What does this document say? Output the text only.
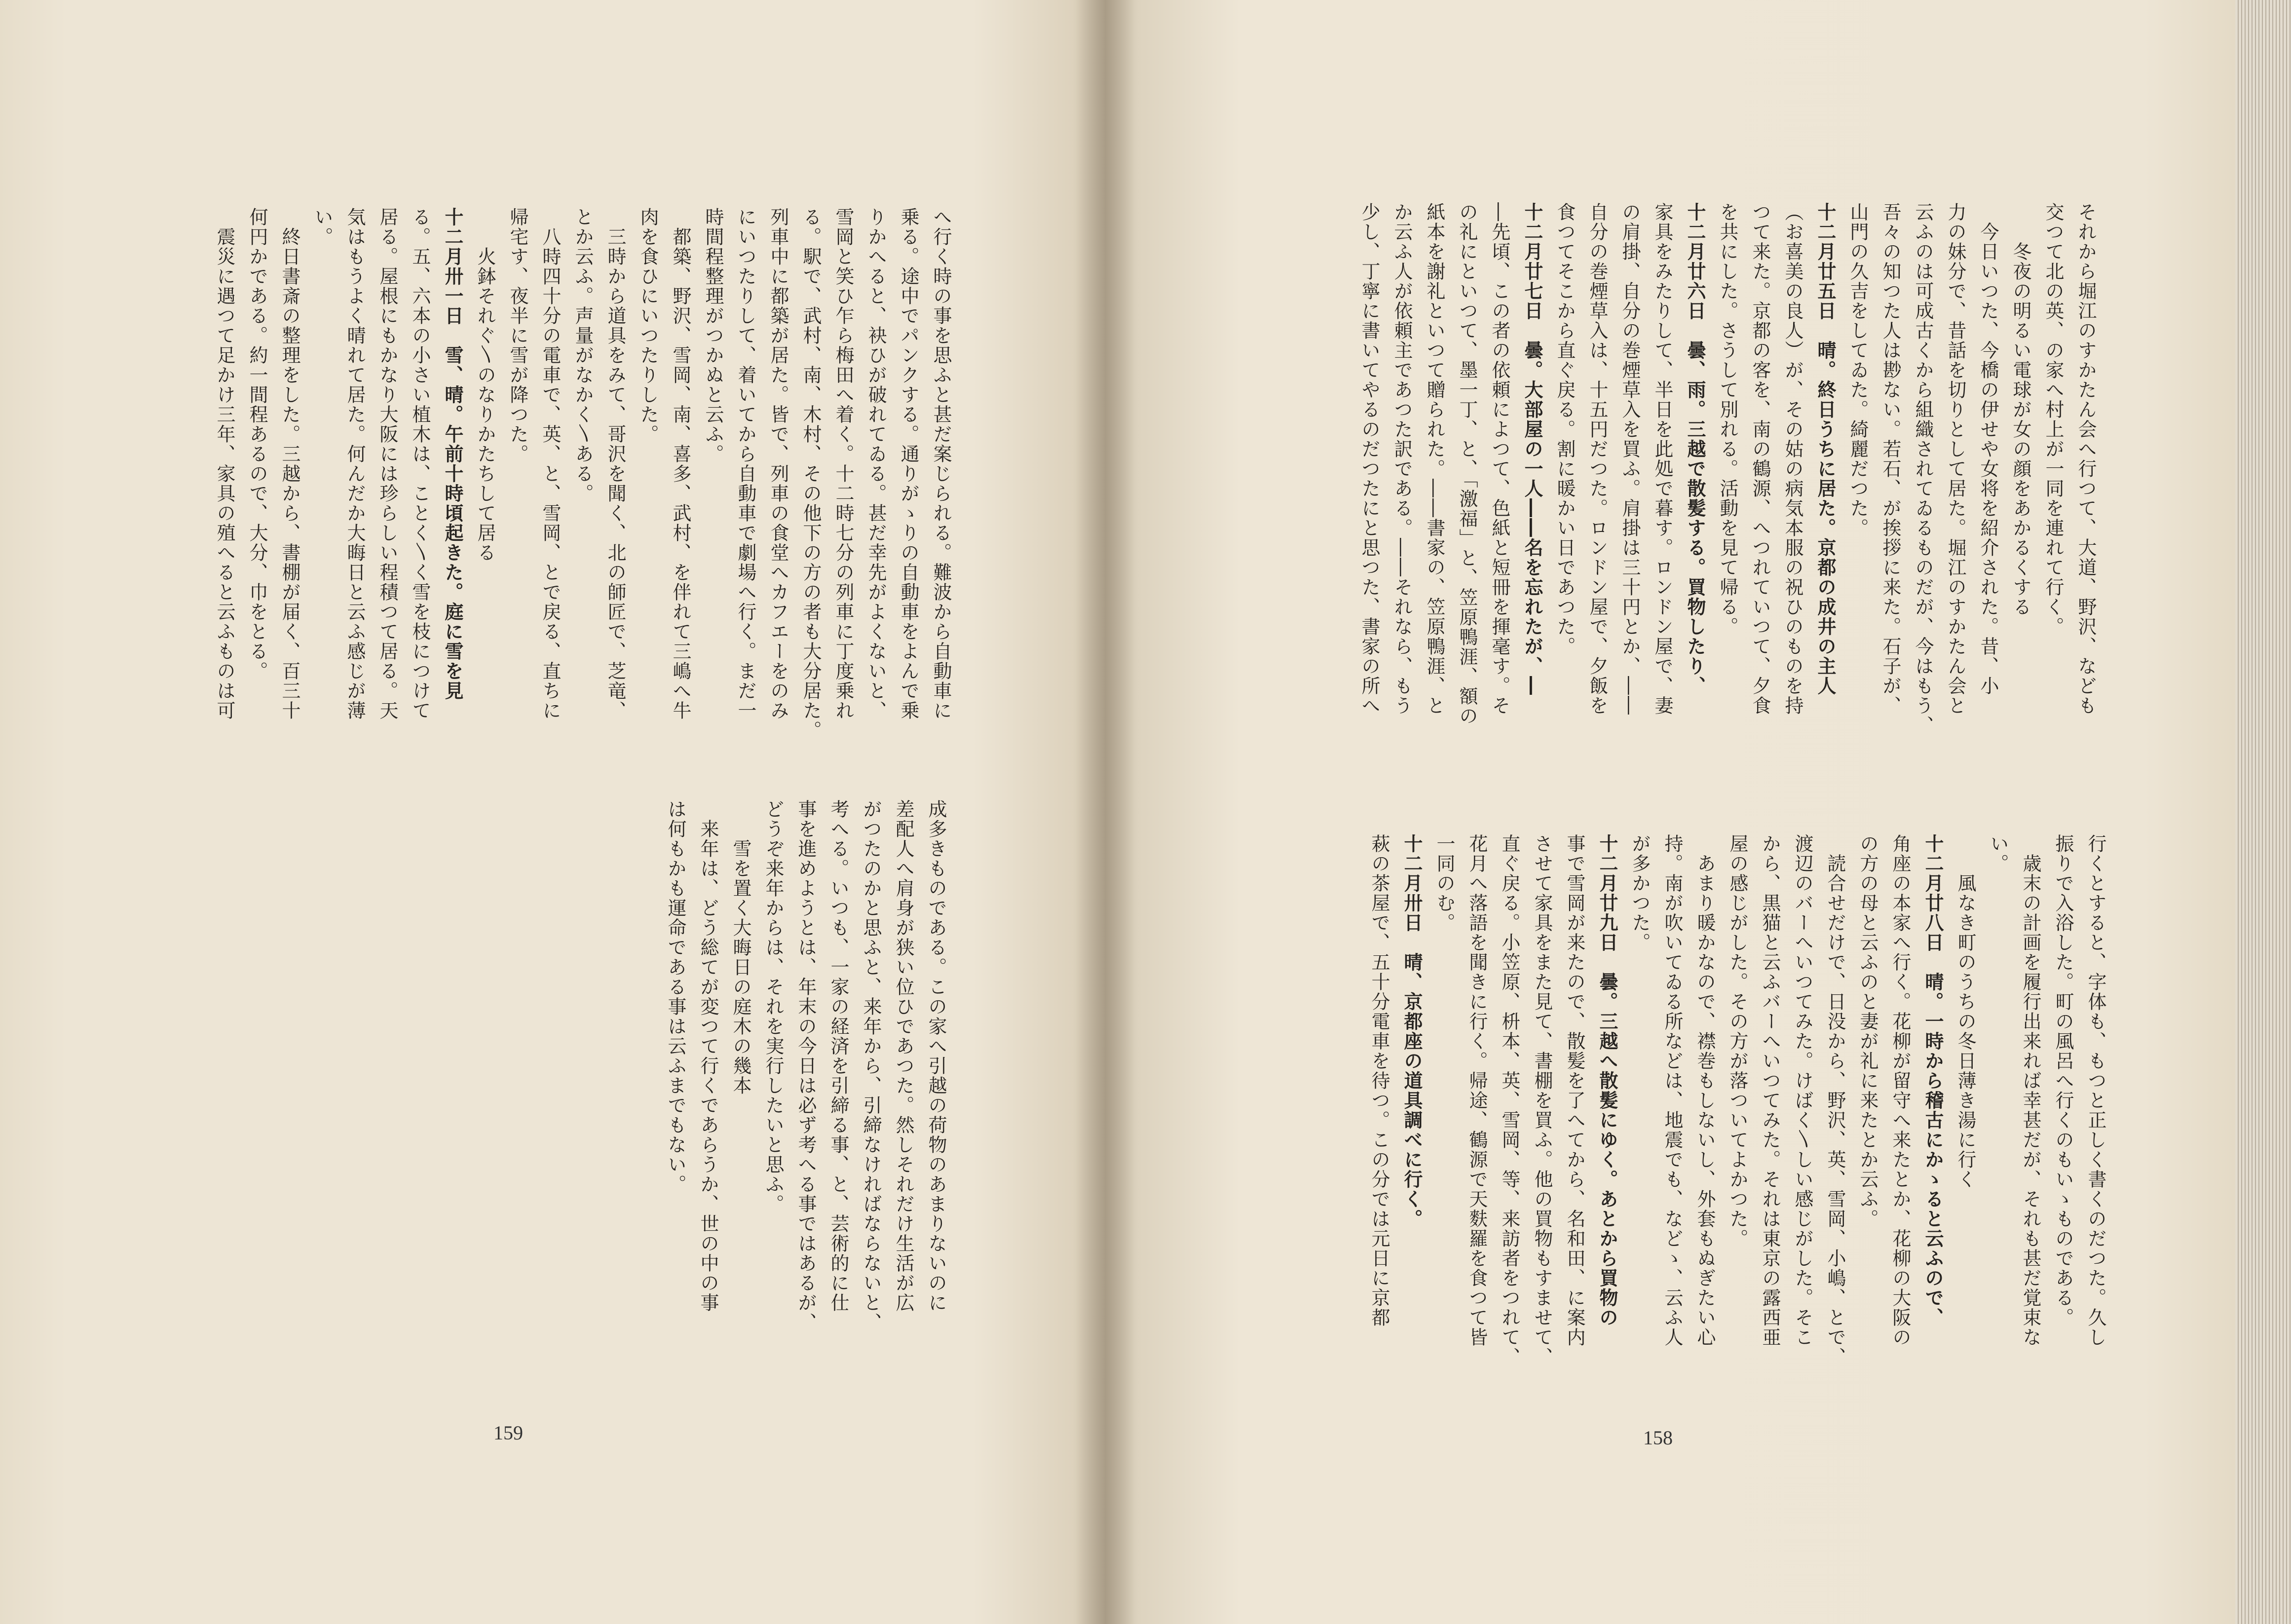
へ行く時の事を思ふと甚だ案じられる。難波から自動車に
乗る。途中でパンクする。通りがゝりの自動車をよんで乗
りかへると、袂ひが破れてゐる。甚だ幸先がよくないと、
雪岡と笑ひ乍ら梅田へ着く。十二時七分の列車に丁度乗れ
る。駅で、武村、南、木村、その他下の方の者も大分居た。
列車中に都築が居た。皆で、列車の食堂へカフエーをのみ
にいつたりして、着いてから自動車で劇場へ行く。まだ一
時間程整理がつかぬと云ふ。
　都築、野沢、雪岡、南、喜多、武村、を伴れて三嶋へ牛
肉を食ひにいつたりした。
　三時から道具をみて、哥沢を聞く、北の師匠で、芝竜、
とか云ふ。声量がなかく〵ある。
　八時四十分の電車で、英、と、雪岡、とで戻る、直ちに
帰宅す、夜半に雪が降つた。
　　火鉢それぐ〵のなりかたちして居る
十二月卅一日　雪、晴。午前十時頃起きた。庭に雪を見
る。五、六本の小さい植木は、ことく〵く雪を枝につけて
居る。屋根にもかなり大阪には珍らしい程積つて居る。天
気はもうよく晴れて居た。何んだか大晦日と云ふ感じが薄
い。
　終日書斎の整理をした。三越から、書棚が届く、百三十
何円かである。約一間程あるので、大分、巾をとる。
　震災に遇つて足かけ三年、家具の殖へると云ふものは可
成多きものである。この家へ引越の荷物のあまりないのに
差配人へ肩身が狭い位ひであつた。然しそれだけ生活が広
がつたのかと思ふと、来年から、引締なければならないと、
考へる。いつも、一家の経済を引締る事、と、芸術的に仕
事を進めようとは、年末の今日は必ず考へる事ではあるが、
どうぞ来年からは、それを実行したいと思ふ。
　　雪を置く大晦日の庭木の幾本
　来年は、どう総てが変つて行くであらうか、世の中の事
は何もかも運命である事は云ふまでもない。
159
それから堀江のすかたん会へ行つて、大道、野沢、なども
交つて北の英、の家へ村上が一同を連れて行く。
　　冬夜の明るい電球が女の顔をあかるくする
　今日いつた、今橋の伊せや女将を紹介された。昔、小
力の妹分で、昔話を切りとして居た。堀江のすかたん会と
云ふのは可成古くから組織されてゐるものだが、今はもう、
吾々の知つた人は尠ない。若石、が挨拶に来た。石子が、
山門の久吉をしてゐた。綺麗だつた。
十二月廿五日　晴。終日うちに居た。京都の成井の主人
（お喜美の良人）が、その姑の病気本服の祝ひのものを持
つて来た。京都の客を、南の鶴源、へつれていつて、夕食
を共にした。さうして別れる。活動を見て帰る。
十二月廿六日　曇、雨。三越で散髪する。買物したり、
家具をみたりして、半日を此処で暮す。ロンドン屋で、妻
の肩掛、自分の巻煙草入を買ふ。肩掛は三十円とか、――
自分の巻煙草入は、十五円だつた。ロンドン屋で、夕飯を
食つてそこから直ぐ戻る。割に暖かい日であつた。
十二月廿七日　曇。大部屋の一人――名を忘れたが、―
―先頃、この者の依頼によつて、色紙と短冊を揮毫す。そ
の礼にといつて、墨一丁、と、「激福」と、笠原鴨涯、額の
紙本を謝礼といつて贈られた。――書家の、笠原鴨涯、と
か云ふ人が依頼主であつた訳である。――それなら、もう
少し、丁寧に書いてやるのだつたにと思つた、書家の所へ
行くとすると、字体も、もつと正しく書くのだつた。久し
振りで入浴した。町の風呂へ行くのもいゝものである。
　歳末の計画を履行出来れば幸甚だが、それも甚だ覚束な
い。
　　風なき町のうちの冬日薄き湯に行く
十二月廿八日　晴。一時から稽古にかゝると云ふので、
角座の本家へ行く。花柳が留守へ来たとか、花柳の大阪の
の方の母と云ふのと妻が礼に来たとか云ふ。
　読合せだけで、日没から、野沢、英、雪岡、小嶋、とで、
渡辺のバーへいつてみた。けばく〵しい感じがした。そこ
から、黒猫と云ふバーへいつてみた。それは東京の露西亜
屋の感じがした。その方が落ついてよかつた。
　あまり暖かなので、襟巻もしないし、外套もぬぎたい心
持。南が吹いてゐる所などは、地震でも、などゝ、云ふ人
が多かつた。
十二月廿九日　曇。三越へ散髪にゆく。あとから買物の
事で雪岡が来たので、散髪を了へてから、名和田、に案内
させて家具をまた見て、書棚を買ふ。他の買物もすませて、
直ぐ戻る。小笠原、枡本、英、雪岡、等、来訪者をつれて、
花月へ落語を聞きに行く。帰途、鶴源で天麩羅を食つて皆
一同のむ。
十二月卅日　晴、京都座の道具調べに行く。
萩の茶屋で、五十分電車を待つ。この分では元日に京都
158
